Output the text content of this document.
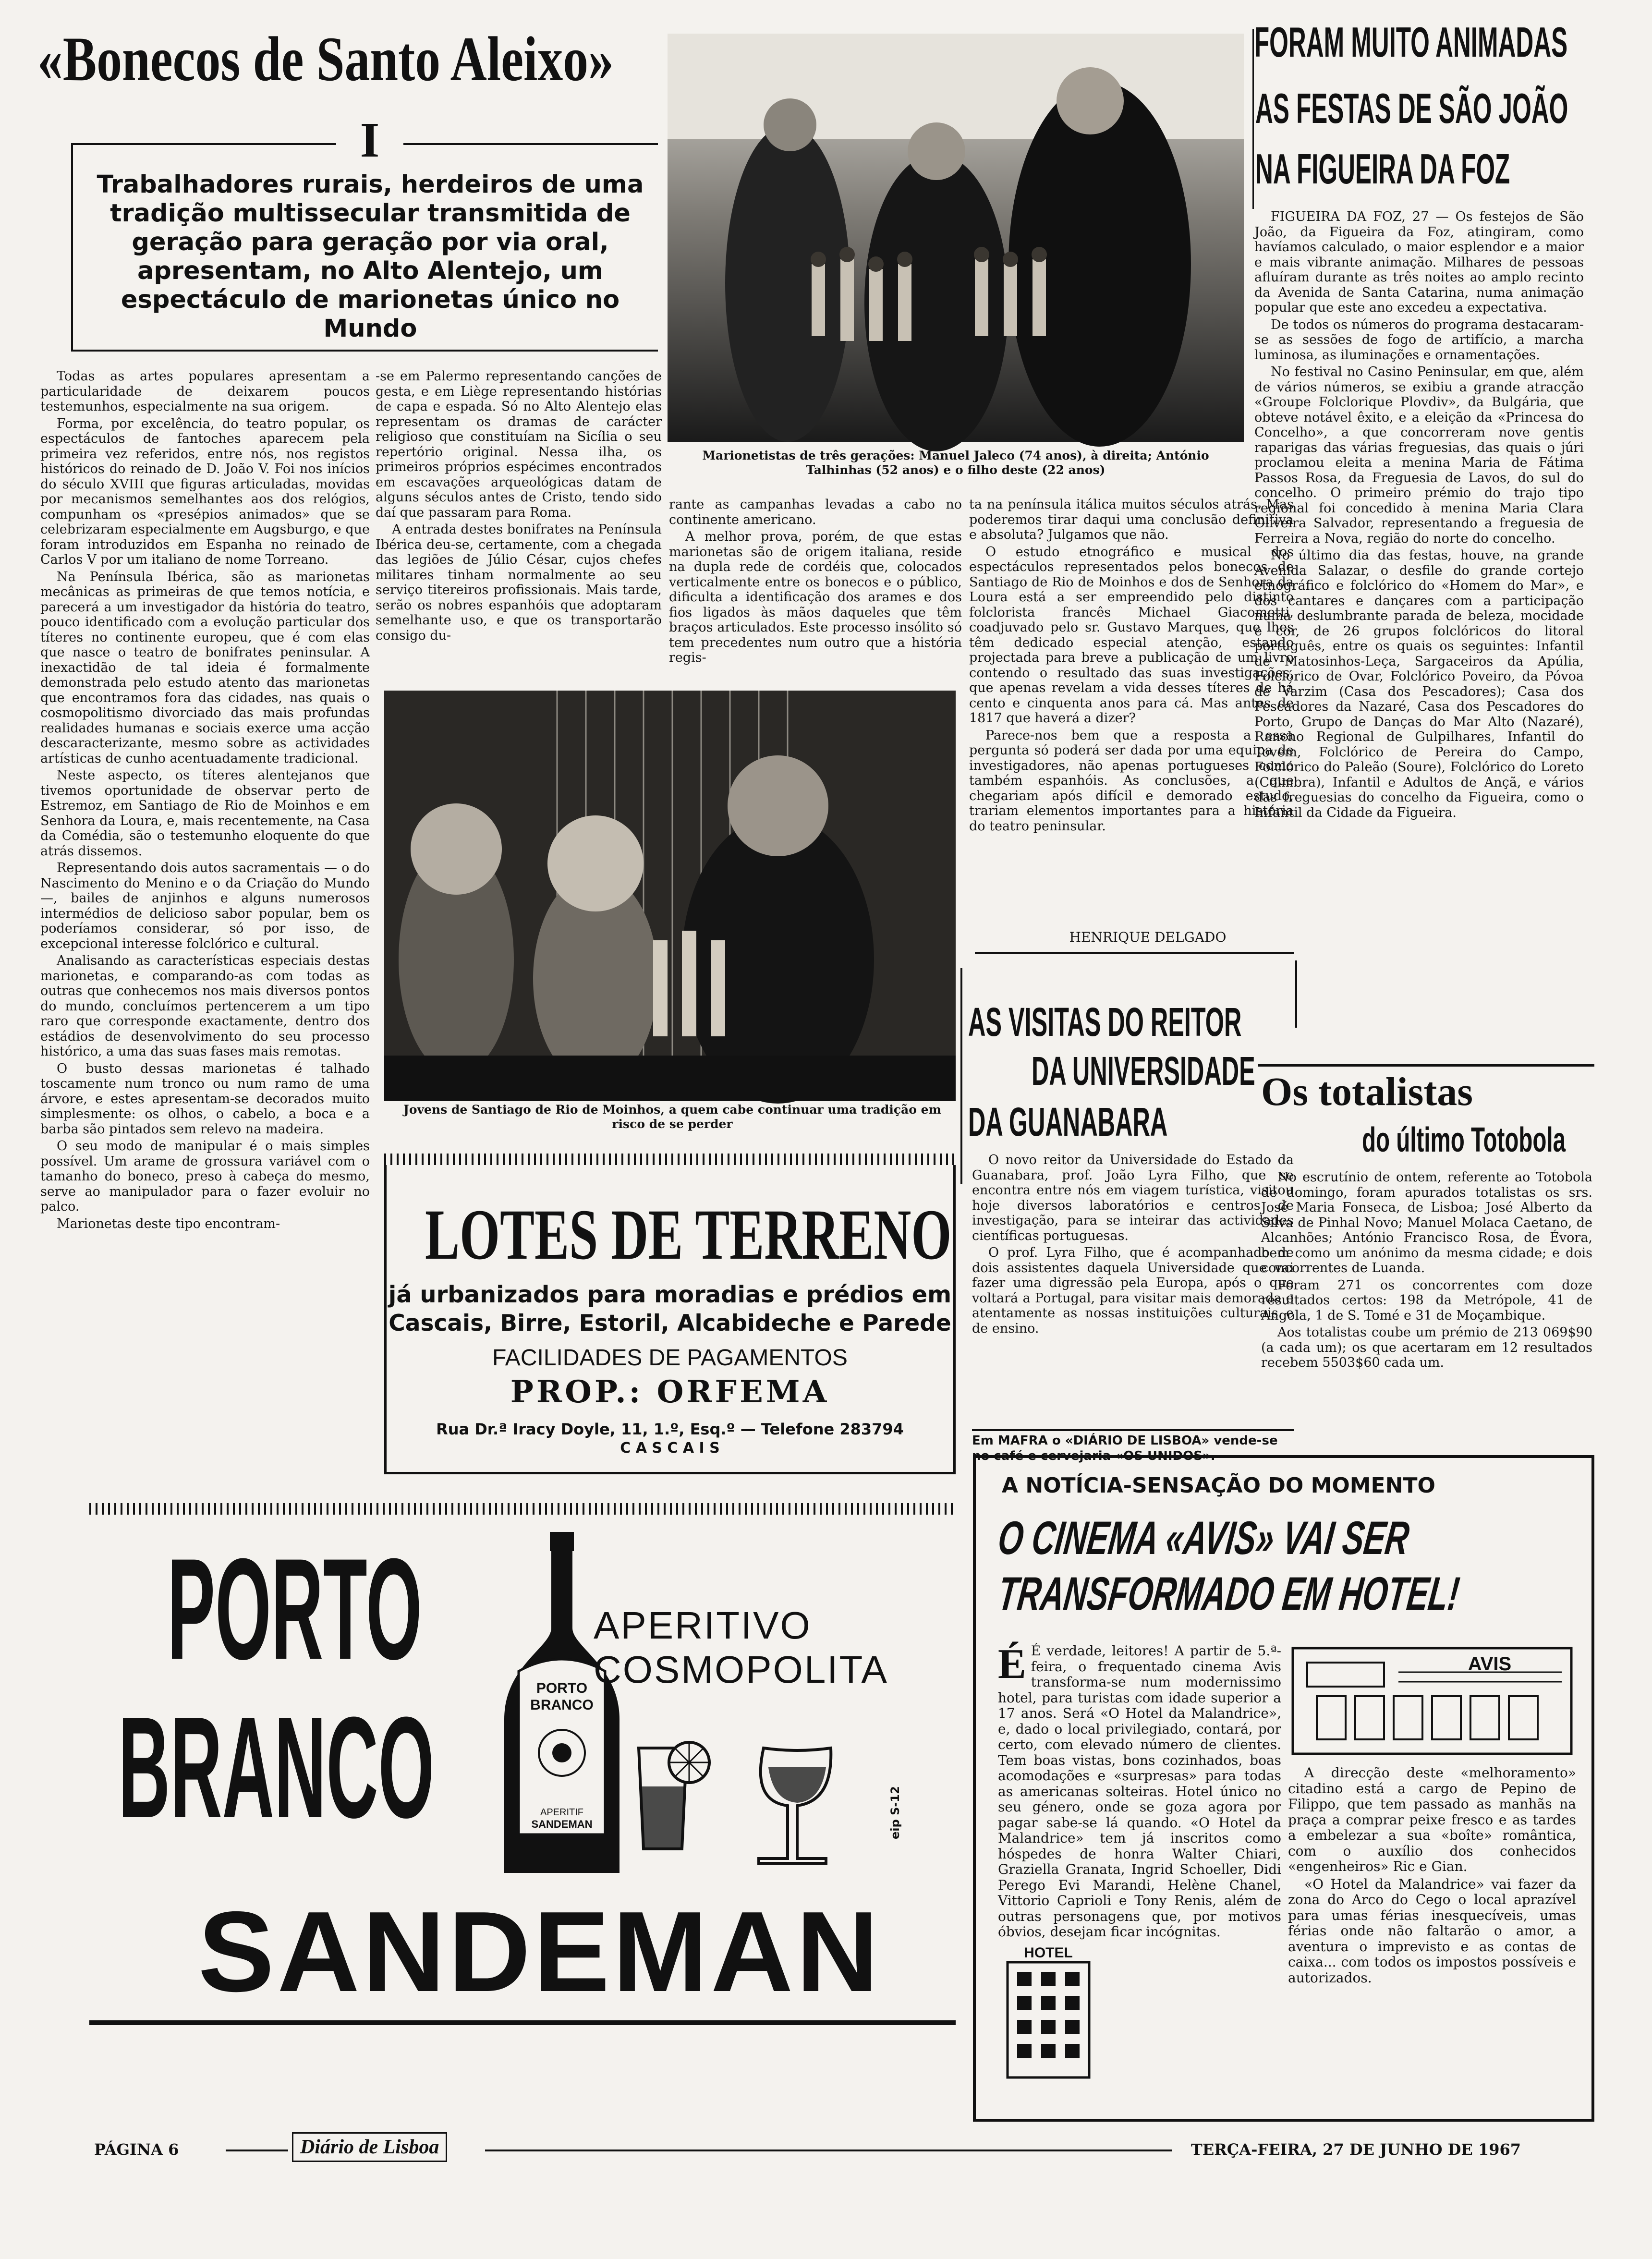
«Bonecos de Santo Aleixo»
I
Trabalhadores rurais, herdeiros de uma tradição multissecular transmitida de geração para geração por via oral, apresentam, no Alto Alentejo, um espectáculo de marionetas único no Mundo

Todas as artes populares apresentam a particularidade de deixarem poucos testemunhos, especialmente na sua origem.

Forma, por excelência, do teatro popular, os espectáculos de fantoches aparecem pela primeira vez referidos, entre nós, nos registos históricos do reinado de D. João V. Foi nos inícios do século XVIII que figuras articuladas, movidas por mecanismos semelhantes aos dos relógios, compunham os «presépios animados» que se celebrizaram especialmente em Augsburgo, e que foram introduzidos em Espanha no reinado de Carlos V por um italiano de nome Torreano.

Na Península Ibérica, são as marionetas mecânicas as primeiras de que temos notícia, e parecerá a um investigador da história do teatro, pouco identificado com a evolução particular dos títeres no continente europeu, que é com elas que nasce o teatro de bonifrates peninsular. A inexactidão de tal ideia é formalmente demonstrada pelo estudo atento das marionetas que encontramos fora das cidades, nas quais o cosmopolitismo divorciado das mais profundas realidades humanas e sociais exerce uma acção descaracterizante, mesmo sobre as actividades artísticas de cunho acentuadamente tradicional.

Neste aspecto, os títeres alentejanos que tivemos oportunidade de observar perto de Estremoz, em Santiago de Rio de Moinhos e em Senhora da Loura, e, mais recentemente, na Casa da Comédia, são o testemunho eloquente do que atrás dissemos.

Representando dois autos sacramentais — o do Nascimento do Menino e o da Criação do Mundo —, bailes de anjinhos e alguns numerosos intermédios de delicioso sabor popular, bem os poderíamos considerar, só por isso, de excepcional interesse folclórico e cultural.

Analisando as características especiais destas marionetas, e comparando-as com todas as outras que conhecemos nos mais diversos pontos do mundo, concluímos pertencerem a um tipo raro que corresponde exactamente, dentro dos estádios de desenvolvimento do seu processo histórico, a uma das suas fases mais remotas.

O busto dessas marionetas é talhado toscamente num tronco ou num ramo de uma árvore, e estes apresentam-se decorados muito simplesmente: os olhos, o cabelo, a boca e a barba são pintados sem relevo na madeira.

O seu modo de manipular é o mais simples possível. Um arame de grossura variável com o tamanho do boneco, preso à cabeça do mesmo, serve ao manipulador para o fazer evoluir no palco.

Marionetas deste tipo encontram-

-se em Palermo representando canções de gesta, e em Liège representando histórias de capa e espada. Só no Alto Alentejo elas representam os dramas de carácter religioso que constituíam na Sicília o seu repertório original. Nessa ilha, os primeiros próprios espécimes encontrados em escavações arqueológicas datam de alguns séculos antes de Cristo, tendo sido daí que passaram para Roma.

A entrada destes bonifrates na Península Ibérica deu-se, certamente, com a chegada das legiões de Júlio César, cujos chefes militares tinham normalmente ao seu serviço titereiros profissionais. Mais tarde, serão os nobres espanhóis que adoptaram semelhante uso, e que os transportarão consigo du-

Marionetistas de três gerações: Manuel Jaleco (74 anos), à direita; António Talhinhas (52 anos) e o filho deste (22 anos)

rante as campanhas levadas a cabo no continente americano.

A melhor prova, porém, de que estas marionetas são de origem italiana, reside na dupla rede de cordéis que, colocados verticalmente entre os bonecos e o público, dificulta a identificação dos arames e dos fios ligados às mãos daqueles que têm braços articulados. Este processo insólito só tem precedentes num outro que a história regis-

ta na península itálica muitos séculos atrás. Mas poderemos tirar daqui uma conclusão definitiva e absoluta? Julgamos que não.

O estudo etnográfico e musical dos espectáculos representados pelos bonecos de Santiago de Rio de Moinhos e dos de Senhora da Loura está a ser empreendido pelo distinto folclorista francês Michael Giacometti, coadjuvado pelo sr. Gustavo Marques, que lhes têm dedicado especial atenção, estando projectada para breve a publicação de um livro contendo o resultado das suas investigações, que apenas revelam a vida desses títeres de há cento e cinquenta anos para cá. Mas antes de 1817 que haverá a dizer?

Parece-nos bem que a resposta a essa pergunta só poderá ser dada por uma equipa de investigadores, não apenas portugueses como também espanhóis. As conclusões, a que chegariam após difícil e demorado estudo, trariam elementos importantes para a história do teatro peninsular.

HENRIQUE DELGADO
Jovens de Santiago de Rio de Moinhos, a quem cabe continuar uma tradição em risco de se perder
FORAM MUITO ANIMADAS
AS FESTAS DE SÃO JOÃO
NA FIGUEIRA DA FOZ

FIGUEIRA DA FOZ, 27 — Os festejos de São João, da Figueira da Foz, atingiram, como havíamos calculado, o maior esplendor e a maior e mais vibrante animação. Milhares de pessoas afluíram durante as três noites ao amplo recinto da Avenida de Santa Catarina, numa animação popular que este ano excedeu a expectativa.

De todos os números do programa destacaram-se as sessões de fogo de artifício, a marcha luminosa, as iluminações e ornamentações.

No festival no Casino Peninsular, em que, além de vários números, se exibiu a grande atracção «Groupe Folclorique Plovdiv», da Bulgária, que obteve notável êxito, e a eleição da «Princesa do Concelho», a que concorreram nove gentis raparigas das várias freguesias, das quais o júri proclamou eleita a menina Maria de Fátima Passos Rosa, da Freguesia de Lavos, do sul do concelho. O primeiro prémio do trajo tipo regional foi concedido à menina Maria Clara Oliveira Salvador, representando a freguesia de Ferreira a Nova, região do norte do concelho.

No último dia das festas, houve, na grande Avenida Salazar, o desfile do grande cortejo etnográfico e folclórico do «Homem do Mar», e dos cantares e dançares com a participação numa deslumbrante parada de beleza, mocidade e cor, de 26 grupos folclóricos do litoral português, entre os quais os seguintes: Infantil de Matosinhos-Leça, Sargaceiros da Apúlia, Folclórico de Ovar, Folclórico Poveiro, da Póvoa de Varzim (Casa dos Pescadores); Casa dos Pescadores da Nazaré, Casa dos Pescadores do Porto, Grupo de Danças do Mar Alto (Nazaré), Rancho Regional de Gulpilhares, Infantil do Tovem, Folclórico de Pereira do Campo, Folclórico do Paleão (Soure), Folclórico do Loreto (Coimbra), Infantil e Adultos de Ançã, e vários das freguesias do concelho da Figueira, como o Infantil da Cidade da Figueira.

AS VISITAS DO REITOR
DA UNIVERSIDADE
DA GUANABARA

O novo reitor da Universidade do Estado da Guanabara, prof. João Lyra Filho, que se encontra entre nós em viagem turística, visitou hoje diversos laboratórios e centros de investigação, para se inteirar das actividades científicas portuguesas.

O prof. Lyra Filho, que é acompanhado de dois assistentes daquela Universidade que vai fazer uma digressão pela Europa, após o que voltará a Portugal, para visitar mais demorada e atentamente as nossas instituições culturais e de ensino.

Em MAFRA o «DIÁRIO DE LISBOA» vende-se no café e cervejaria «OS UNIDOS».
Os totalistas
do último Totobola

No escrutínio de ontem, referente ao Totobola de domingo, foram apurados totalistas os srs. José Maria Fonseca, de Lisboa; José Alberto da Silva de Pinhal Novo; Manuel Molaca Caetano, de Alcanhões; António Francisco Rosa, de Évora, bem como um anónimo da mesma cidade; e dois concorrentes de Luanda.

Foram 271 os concorrentes com doze resultados certos: 198 da Metrópole, 41 de Angola, 1 de S. Tomé e 31 de Moçambique.

Aos totalistas coube um prémio de 213 069$90 (a cada um); os que acertaram em 12 resultados recebem 5503$60 cada um.

LOTES DE TERRENO
já urbanizados para moradias e prédios em
Cascais, Birre, Estoril, Alcabideche e Parede
FACILIDADES DE PAGAMENTOS
PROP.: ORFEMA
Rua Dr.ª Iracy Doyle, 11, 1.º, Esq.º — Telefone 283794
C A S C A I S
PORTO
BRANCO	PORTO
BRANCO
APERITIF
SANDEMAN
APERITIVO
COSMOPOLITA
eip S-12
SANDEMAN
A NOTÍCIA-SENSAÇÃO DO MOMENTO
O CINEMA «AVIS» VAI SER
TRANSFORMADO EM HOTEL!

É É verdade, leitores! A partir de 5.ª-feira, o frequentado cinema Avis transforma-se num modernissimo hotel, para turistas com idade superior a 17 anos. Será «O Hotel da Malandrice», e, dado o local privilegiado, contará, por certo, com elevado número de clientes. Tem boas vistas, bons cozinhados, boas acomodações e «surpresas» para todas as americanas solteiras. Hotel único no seu género, onde se goza agora por pagar sabe-se lá quando. «O Hotel da Malandrice» tem já inscritos como hóspedes de honra Walter Chiari, Graziella Granata, Ingrid Schoeller, Didi Perego Evi Marandi, Helène Chanel, Vittorio Caprioli e Tony Renis, além de outras personagens que, por motivos óbvios, desejam ficar incógnitas.

AVIS
HOTEL

A direcção deste «melhoramento» citadino está a cargo de Pepino de Filippo, que tem passado as manhãs na praça a comprar peixe fresco e as tardes a embelezar a sua «boîte» romântica, com o auxílio dos conhecidos «engenheiros» Ric e Gian.

«O Hotel da Malandrice» vai fazer da zona do Arco do Cego o local aprazível para umas férias inesquecíveis, umas férias onde não faltarão o amor, a aventura o imprevisto e as contas de caixa... com todos os impostos possíveis e autorizados.

PÁGINA 6	Diário de Lisboa	TERÇA-FEIRA, 27 DE JUNHO DE 1967
